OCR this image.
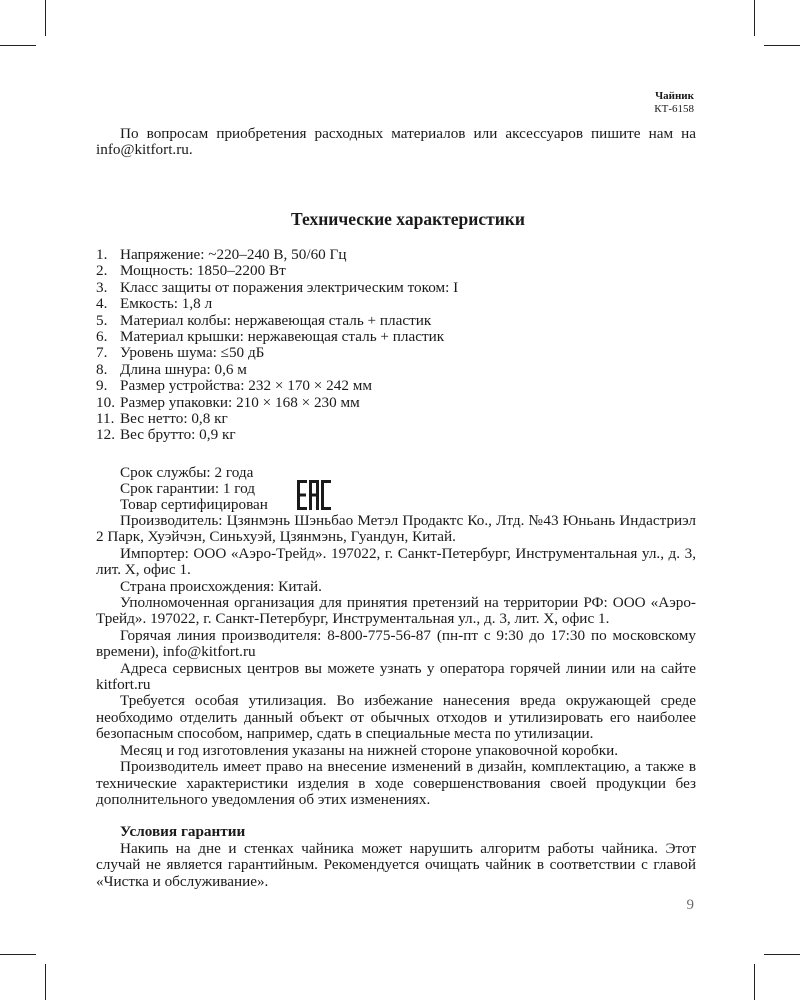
Чайник
КТ-6158

По вопросам приобретения расходных материалов или аксессуаров пишите нам на info@kitfort.ru.

Технические характеристики
1. Напряжение: ~220–240 В, 50/60 Гц
2. Мощность: 1850–2200 Вт
3. Класс защиты от поражения электрическим током: I
4. Емкость: 1,8 л
5. Материал колбы: нержавеющая сталь + пластик
6. Материал крышки: нержавеющая сталь + пластик
7. Уровень шума: ≤50 дБ
8. Длина шнура: 0,6 м
9. Размер устройства: 232 × 170 × 242 мм
10. Размер упаковки: 210 × 168 × 230 мм
11. Вес нетто: 0,8 кг
12. Вес брутто: 0,9 кг
Срок службы: 2 года
Срок гарантии: 1 год
Товар сертифицирован

Производитель: Цзянмэнь Шэньбао Метэл Продактс Ко., Лтд. №43 Юньань Индастриэл 2 Парк, Хуэйчэн, Синьхуэй, Цзянмэнь, Гуандун, Китай.

Импортер: ООО «Аэро-Трейд». 197022, г. Санкт-Петербург, Инструментальная ул., д. 3, лит. Х, офис 1.

Страна происхождения: Китай.

Уполномоченная организация для принятия претензий на территории РФ: ООО «Аэро-Трейд». 197022, г. Санкт-Петербург, Инструментальная ул., д. 3, лит. Х, офис 1.

Горячая линия производителя: 8-800-775-56-87 (пн-пт с 9:30 до 17:30 по московскому времени), info@kitfort.ru

Адреса сервисных центров вы можете узнать у оператора горячей линии или на сайте kitfort.ru

Требуется особая утилизация. Во избежание нанесения вреда окружающей среде необходимо отделить данный объект от обычных отходов и утилизировать его наиболее безопасным способом, например, сдать в специальные места по утилизации.

Месяц и год изготовления указаны на нижней стороне упаковочной коробки.

Производитель имеет право на внесение изменений в дизайн, комплектацию, а также в технические характеристики изделия в ходе совершенствования своей продукции без дополнительного уведомления об этих изменениях.

Условия гарантии

Накипь на дне и стенках чайника может нарушить алгоритм работы чайника. Этот случай не является гарантийным. Рекомендуется очищать чайник в соответствии с главой «Чистка и обслуживание».

9
